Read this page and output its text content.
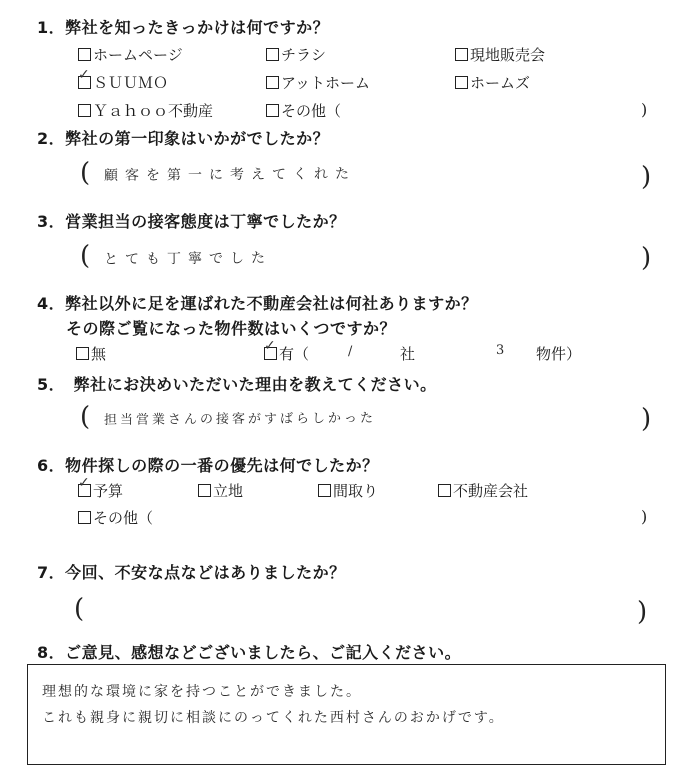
1．弊社を知ったきっかけは何ですか？
ホームページ	チラシ	現地販売会
✓ ＳＵＵＭＯ	アットホーム	ホームズ
Ｙａｈｏｏ不動産	その他（	)
2．弊社の第一印象はいかがでしたか？
( 顧客を第一に考えてくれた	)
3．営業担当の接客態度は丁寧でしたか？
( とても丁寧でした	)
4．弊社以外に足を運ばれた不動産会社は何社ありますか？
その際ご覧になった物件数はいくつですか？
無	✓ 有（	/	社	3 物件）
5．　弊社にお決めいただいた理由を教えてください。
( 担当営業さんの接客がすばらしかった	)
6．物件探しの際の一番の優先は何でしたか？
✓ 予算	立地	間取り	不動産会社
その他（	)
7．今回、不安な点などはありましたか？
(	)
8．ご意見、感想などございましたら、ご記入ください。
理想的な環境に家を持つことができました。
これも親身に親切に相談にのってくれた西村さんのおかげです。
